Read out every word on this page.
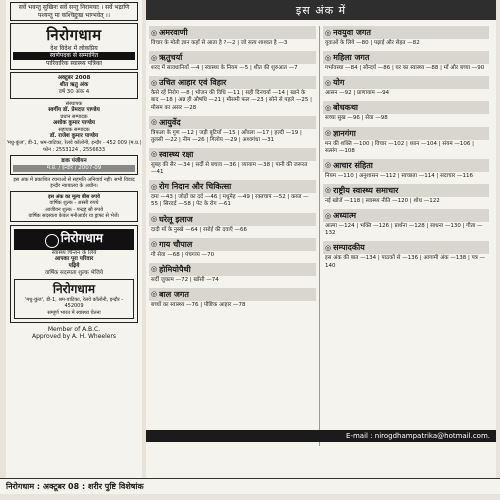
सर्वे भवन्तु सुखिनः सर्वे सन्तु निरामयाः । सर्वे भद्राणि पश्यन्तु मा कश्चिद्दुःख भाग्भवेत् ।।
निरोगधाम
देश विदेश में लोकप्रिय
स्वर्णपदक से सम्मानित
पारिवारिक स्वास्थ्य पत्रिका
अक्टूबर 2008
शीत ऋतु अंक
वर्ष 30 अंक 4
संस्थापक
स्वर्गीय डॉ. प्रेमदत्त पाण्डेय
प्रधान सम्पादक
अशोक कुमार पाण्डेय
सहायक सम्पादक
डॉ. राजेश कुमार पाण्डेय
'मधु-कुंज', डी-1, श्रम-वाटिका, रेलवे कॉलोनी, इन्दौर - 452 009 (म.प्र.)
फोन : 2553124 , 2556633
डाक पंजीयन
म.प्र. / इन्दौर / 2007-09
इस अंक में प्रकाशित रचनाओं से सहमति अनिवार्य नहीं। सभी विवाद इन्दौर न्यायालय के अधीन।
इस अंक का मूल्य बीस रुपये
वार्षिक शुल्क - अस्सी रुपये
आजीवन शुल्क - पन्द्रह सौ रुपये
वार्षिक सदस्यता केवल मनीआर्डर या ड्राफ्ट से भेजें।
निरोगधाम
स्वास्थ्य चिन्तन के लिये
आपका पूरा परिवार
पढ़िये
वार्षिक सदस्यता शुल्क भेजिये
निरोगधाम
'मधु-कुंज', डी-1, श्रम-वाटिका, रेलवे कॉलोनी, इन्दौर - 452009
सम्पूर्ण भारत में स्वास्थ्य चेतना
Member of A.B.C.
Approved by A. H. Wheelers
इस अंक में
◎ अमरवाणी
विचार के मोती ज्ञान कहाँ से आता है ?—2 | जो सत्य शाश्वत है —3
◎ ऋतुचर्या
शरद में सावधानियाँ —4 | स्वास्थ्य के नियम —5 | शीत की शुरुआत —7
◎ उचित आहार एवं विहार
कैसे रहें निरोग —8 | भोजन की विधि —11 | सही दिनचर्या —14 | खाने के बाद —18 | अन्न ही औषधि —21 | मौसमी फल —23 | सोने से पहले —25 | मौसम का असर —28
◎ आयुर्वेद
त्रिफला के गुण —12 | जड़ी बूटियाँ —15 | आँवला —17 | हल्दी —19 | तुलसी —22 | नीम —26 | गिलोय —29 | अश्वगंधा —31
◎ स्वास्थ्य रक्षा
सुबह की सैर —34 | सर्दी से बचाव —36 | व्यायाम —38 | पानी की जरूरत —41
◎ रोग निदान और चिकित्सा
दमा —43 | जोड़ों का दर्द —46 | मधुमेह —49 | रक्तचाप —52 | कब्ज —55 | सिरदर्द —58 | पेट के रोग —61
◎ घरेलू इलाज
दादी माँ के नुस्खे —64 | रसोई की दवाएँ —66
◎ गाय चौपाल
गौ सेवा —68 | पंचगव्य —70
◎ होमियोपैथी
सर्दी जुकाम —72 | खाँसी —74
◎ बाल जगत
बच्चों का स्वास्थ्य —76 | पौष्टिक आहार —78
◎ नवयुवा जगत
युवाओं के लिये —80 | पढ़ाई और सेहत —82
◎ महिला जगत
गर्भावस्था —84 | सौन्दर्य —86 | घर का स्वास्थ्य —88 | माँ और बच्चा —90
◎ योग
आसन —92 | प्राणायाम —94
◎ बोधकथा
सच्चा सुख —96 | सेवा —98
◎ ज्ञानगंगा
मन की शक्ति —100 | विचार —102 | ध्यान —104 | संयम —106 | सत्संग —108
◎ आचार संहिता
नियम —110 | अनुशासन —112 | स्वच्छता —114 | सदाचार —116
◎ राष्ट्रीय स्वास्थ्य समाचार
नई खोजें —118 | स्वास्थ्य नीति —120 | शोध —122
◎ अध्यात्म
आत्मा —124 | भक्ति —126 | प्रार्थना —128 | साधना —130 | गीता —132
◎ सम्पादकीय
इस अंक की बात —134 | पाठकों से —136 | आगामी अंक —138 | पत्र —140
E-mail : nirogdhampatrika@hotmail.com.
निरोगधाम : अक्टूबर 08 : शरीर पुष्टि विशेषांक
